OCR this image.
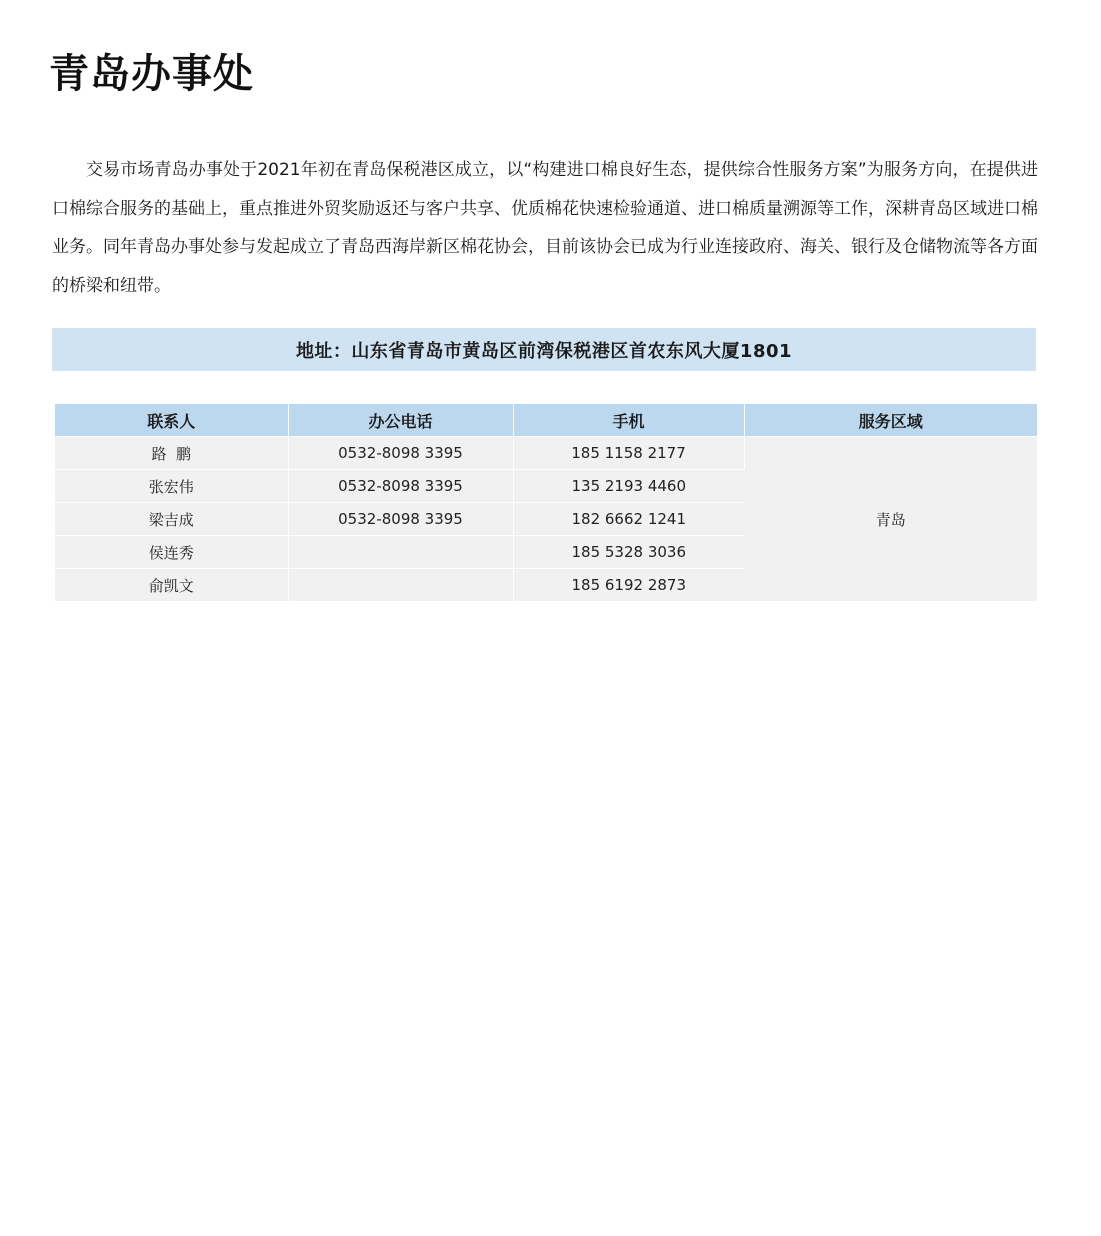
青岛办事处

交易市场青岛办事处于2021年初在青岛保税港区成立，以“构建进口棉良好生态，提供综合性服务方案”为服务方向，在提供进口棉综合服务的基础上，重点推进外贸奖励返还与客户共享、优质棉花快速检验通道、进口棉质量溯源等工作，深耕青岛区域进口棉业务。同年青岛办事处参与发起成立了青岛西海岸新区棉花协会，目前该协会已成为行业连接政府、海关、银行及仓储物流等各方面的桥梁和纽带。

地址：山东省青岛市黄岛区前湾保税港区首农东风大厦1801
联系人	办公电话	手机	服务区域
路  鹏	0532-8098 3395	185 1158 2177	青岛
张宏伟	0532-8098 3395	135 2193 4460	
梁吉成	0532-8098 3395	182 6662 1241	
侯连秀		185 5328 3036	
俞凯文		185 6192 2873	
